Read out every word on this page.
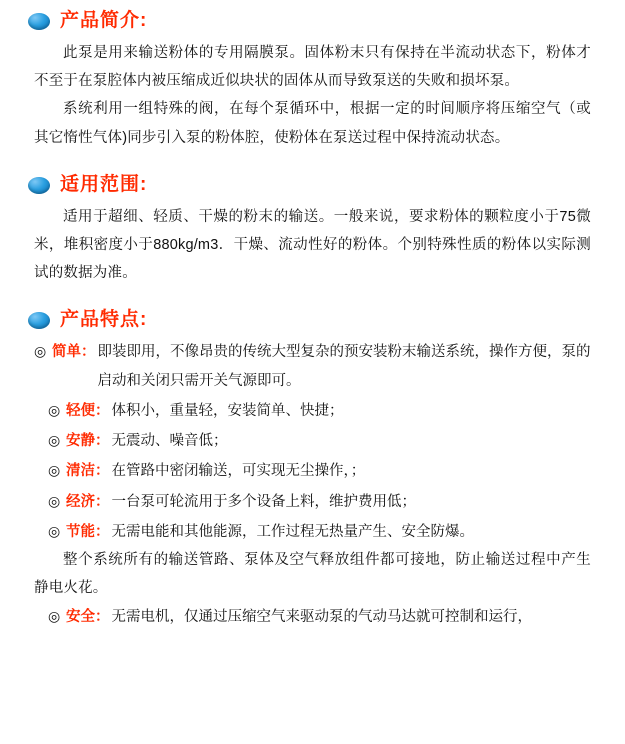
产品简介:

此泵是用来输送粉体的专用隔膜泵。固体粉末只有保持在半流动状态下，粉体才不至于在泵腔体内被压缩成近似块状的固体从而导致泵送的失败和损坏泵。

系统利用一组特殊的阀，在每个泵循环中，根据一定的时间顺序将压缩空气（或其它惰性气体)同步引入泵的粉体腔，使粉体在泵送过程中保持流动状态。

适用范围:

适用于超细、轻质、干燥的粉末的输送。一般来说，要求粉体的颗粒度小于75微米，堆积密度小于880kg/m3．干燥、流动性好的粉体。个别特殊性质的粉体以实际测试的数据为准。

产品特点:
◎ 简单： 即装即用，不像昂贵的传统大型复杂的预安装粉末输送系统，操作方便，泵的启动和关闭只需开关气源即可。
◎ 轻便： 体积小，重量轻，安装简单、快捷；
◎ 安静： 无震动、噪音低；
◎ 清洁： 在管路中密闭输送，可实现无尘操作，；
◎ 经济： 一台泵可轮流用于多个设备上料，维护费用低；
◎ 节能： 无需电能和其他能源，工作过程无热量产生、安全防爆。

整个系统所有的输送管路、泵体及空气释放组件都可接地，防止输送过程中产生静电火花。

◎ 安全： 无需电机，仅通过压缩空气来驱动泵的气动马达就可控制和运行，
